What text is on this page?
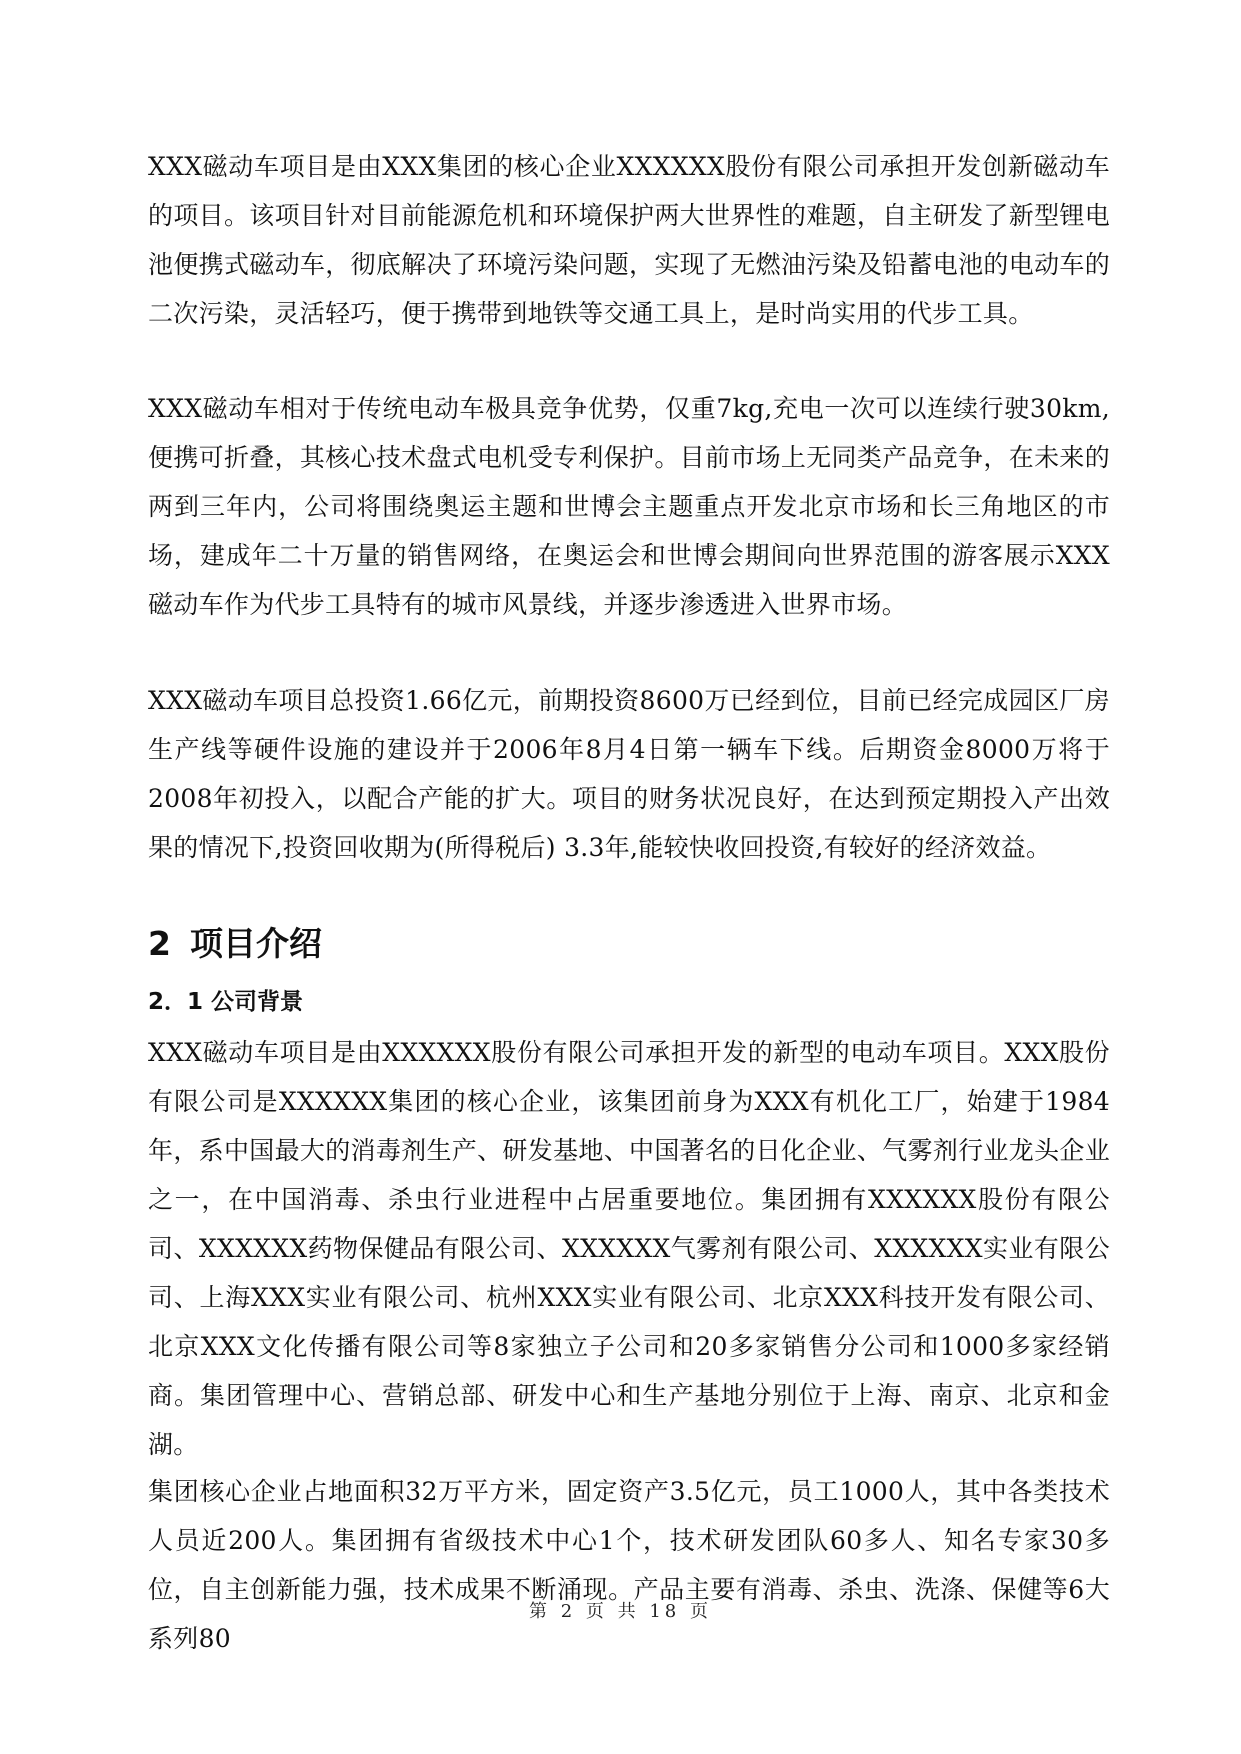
XXX磁动车项目是由XXX集团的核心企业XXXXXX股份有限公司承担开发创新磁动车的项目。该项目针对目前能源危机和环境保护两大世界性的难题，自主研发了新型锂电池便携式磁动车，彻底解决了环境污染问题，实现了无燃油污染及铅蓄电池的电动车的二次污染，灵活轻巧，便于携带到地铁等交通工具上，是时尚实用的代步工具。

XXX磁动车相对于传统电动车极具竞争优势，仅重7kg,充电一次可以连续行驶30km,便携可折叠，其核心技术盘式电机受专利保护。目前市场上无同类产品竞争，在未来的两到三年内，公司将围绕奥运主题和世博会主题重点开发北京市场和长三角地区的市场，建成年二十万量的销售网络，在奥运会和世博会期间向世界范围的游客展示XXX磁动车作为代步工具特有的城市风景线，并逐步渗透进入世界市场。

XXX磁动车项目总投资1.66亿元，前期投资8600万已经到位，目前已经完成园区厂房生产线等硬件设施的建设并于2006年8月4日第一辆车下线。后期资金8000万将于2008年初投入，以配合产能的扩大。项目的财务状况良好，在达到预定期投入产出效果的情况下,投资回收期为(所得税后) 3.3年,能较快收回投资,有较好的经济效益。

2 项目介绍
2．1 公司背景

XXX磁动车项目是由XXXXXX股份有限公司承担开发的新型的电动车项目。XXX股份有限公司是XXXXXX集团的核心企业，该集团前身为XXX有机化工厂，始建于1984年，系中国最大的消毒剂生产、研发基地、中国著名的日化企业、气雾剂行业龙头企业之一，在中国消毒、杀虫行业进程中占居重要地位。集团拥有XXXXXX股份有限公司、XXXXXX药物保健品有限公司、XXXXXX气雾剂有限公司、XXXXXX实业有限公司、上海XXX实业有限公司、杭州XXX实业有限公司、北京XXX科技开发有限公司、北京XXX文化传播有限公司等8家独立子公司和20多家销售分公司和1000多家经销商。集团管理中心、营销总部、研发中心和生产基地分别位于上海、南京、北京和金湖。

集团核心企业占地面积32万平方米，固定资产3.5亿元，员工1000人，其中各类技术人员近200人。集团拥有省级技术中心1个，技术研发团队60多人、知名专家30多位，自主创新能力强，技术成果不断涌现。产品主要有消毒、杀虫、洗涤、保健等6大系列80

第 2 页 共 18 页
